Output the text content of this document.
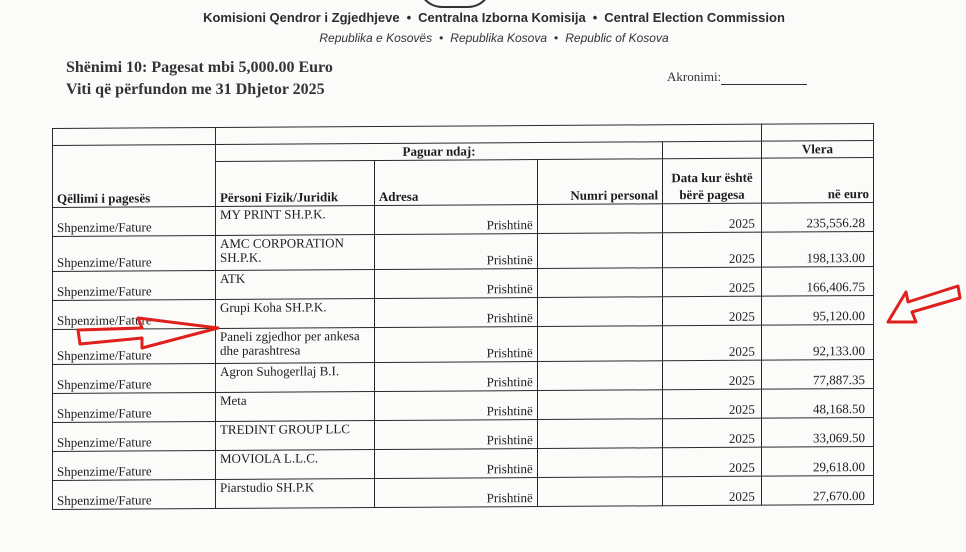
Komisioni Qendror i Zgjedhjeve • Centralna Izborna Komisija • Central Election Commission
Republika e Kosovës • Republika Kosova • Republic of Kosova
Shënimi 10: Pagesat mbi 5,000.00 Euro
Viti që përfundon me 31 Dhjetor 2025
Akronimi:

	Paguar ndaj:				Vlera
Qëllimi i pagesës	Përsoni Fizik/Juridik	Adresa	Numri personal	Data kur është bërë pagesa	në euro
Shpenzime/Fature	MY PRINT SH.P.K.	Prishtinë		2025	235,556.28
Shpenzime/Fature	AMC CORPORATION SH.P.K.	Prishtinë		2025	198,133.00
Shpenzime/Fature	ATK	Prishtinë		2025	166,406.75
Shpenzime/Fature	Grupi Koha SH.P.K.	Prishtinë		2025	95,120.00
Shpenzime/Fature	Paneli zgjedhor per ankesa dhe parashtresa	Prishtinë		2025	92,133.00
Shpenzime/Fature	Agron Suhogerllaj B.I.	Prishtinë		2025	77,887.35
Shpenzime/Fature	Meta	Prishtinë		2025	48,168.50
Shpenzime/Fature	TREDINT GROUP LLC	Prishtinë		2025	33,069.50
Shpenzime/Fature	MOVIOLA L.L.C.	Prishtinë		2025	29,618.00
Shpenzime/Fature	Piarstudio SH.P.K	Prishtinë		2025	27,670.00
